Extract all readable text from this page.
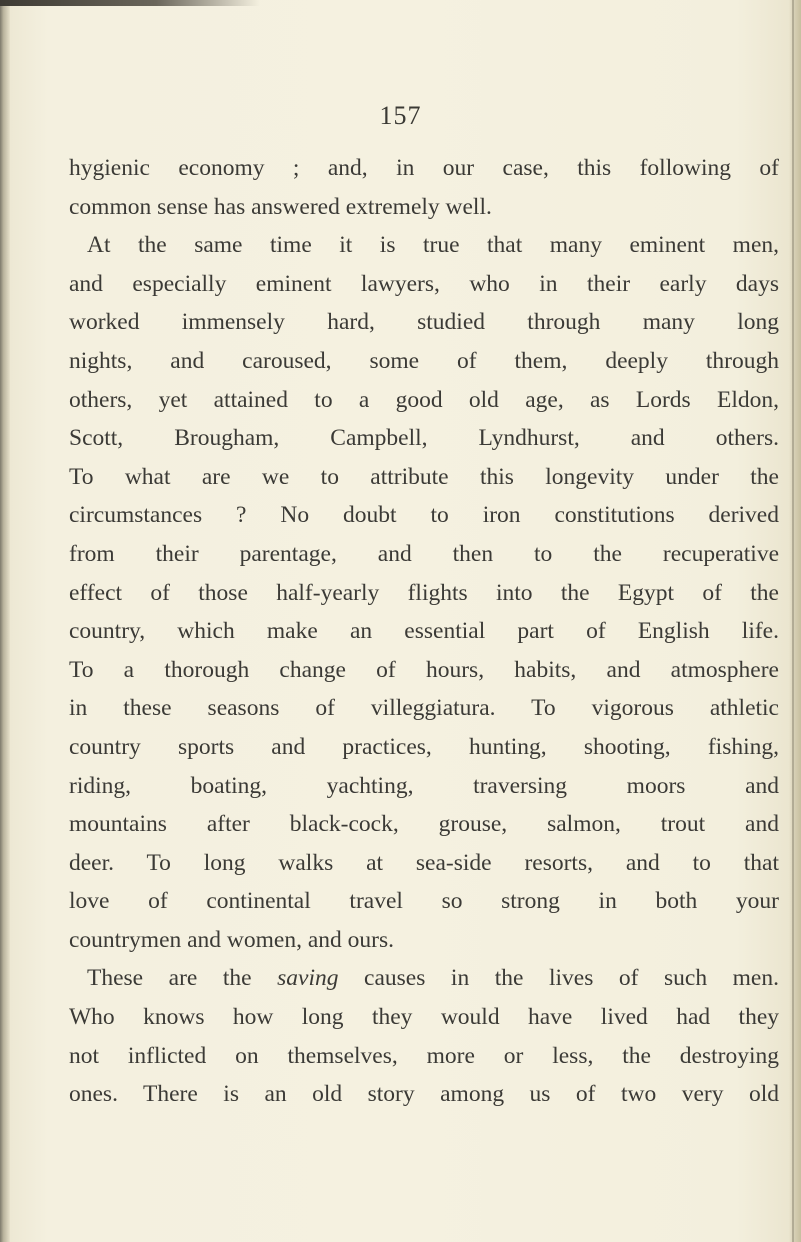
157
hygienic economy ; and, in our case, this following of
common sense has answered extremely well.
At the same time it is true that many eminent men,
and especially eminent lawyers, who in their early days
worked immensely hard, studied through many long
nights, and caroused, some of them, deeply through
others, yet attained to a good old age, as Lords Eldon,
Scott, Brougham, Campbell, Lyndhurst, and others.
To what are we to attribute this longevity under the
circumstances ? No doubt to iron constitutions derived
from their parentage, and then to the recuperative
effect of those half-yearly flights into the Egypt of the
country, which make an essential part of English life.
To a thorough change of hours, habits, and atmosphere
in these seasons of villeggiatura. To vigorous athletic
country sports and practices, hunting, shooting, fishing,
riding, boating, yachting, traversing moors and
mountains after black-cock, grouse, salmon, trout and
deer. To long walks at sea-side resorts, and to that
love of continental travel so strong in both your
countrymen and women, and ours.
These are the saving causes in the lives of such men.
Who knows how long they would have lived had they
not inflicted on themselves, more or less, the destroying
ones. There is an old story among us of two very old
